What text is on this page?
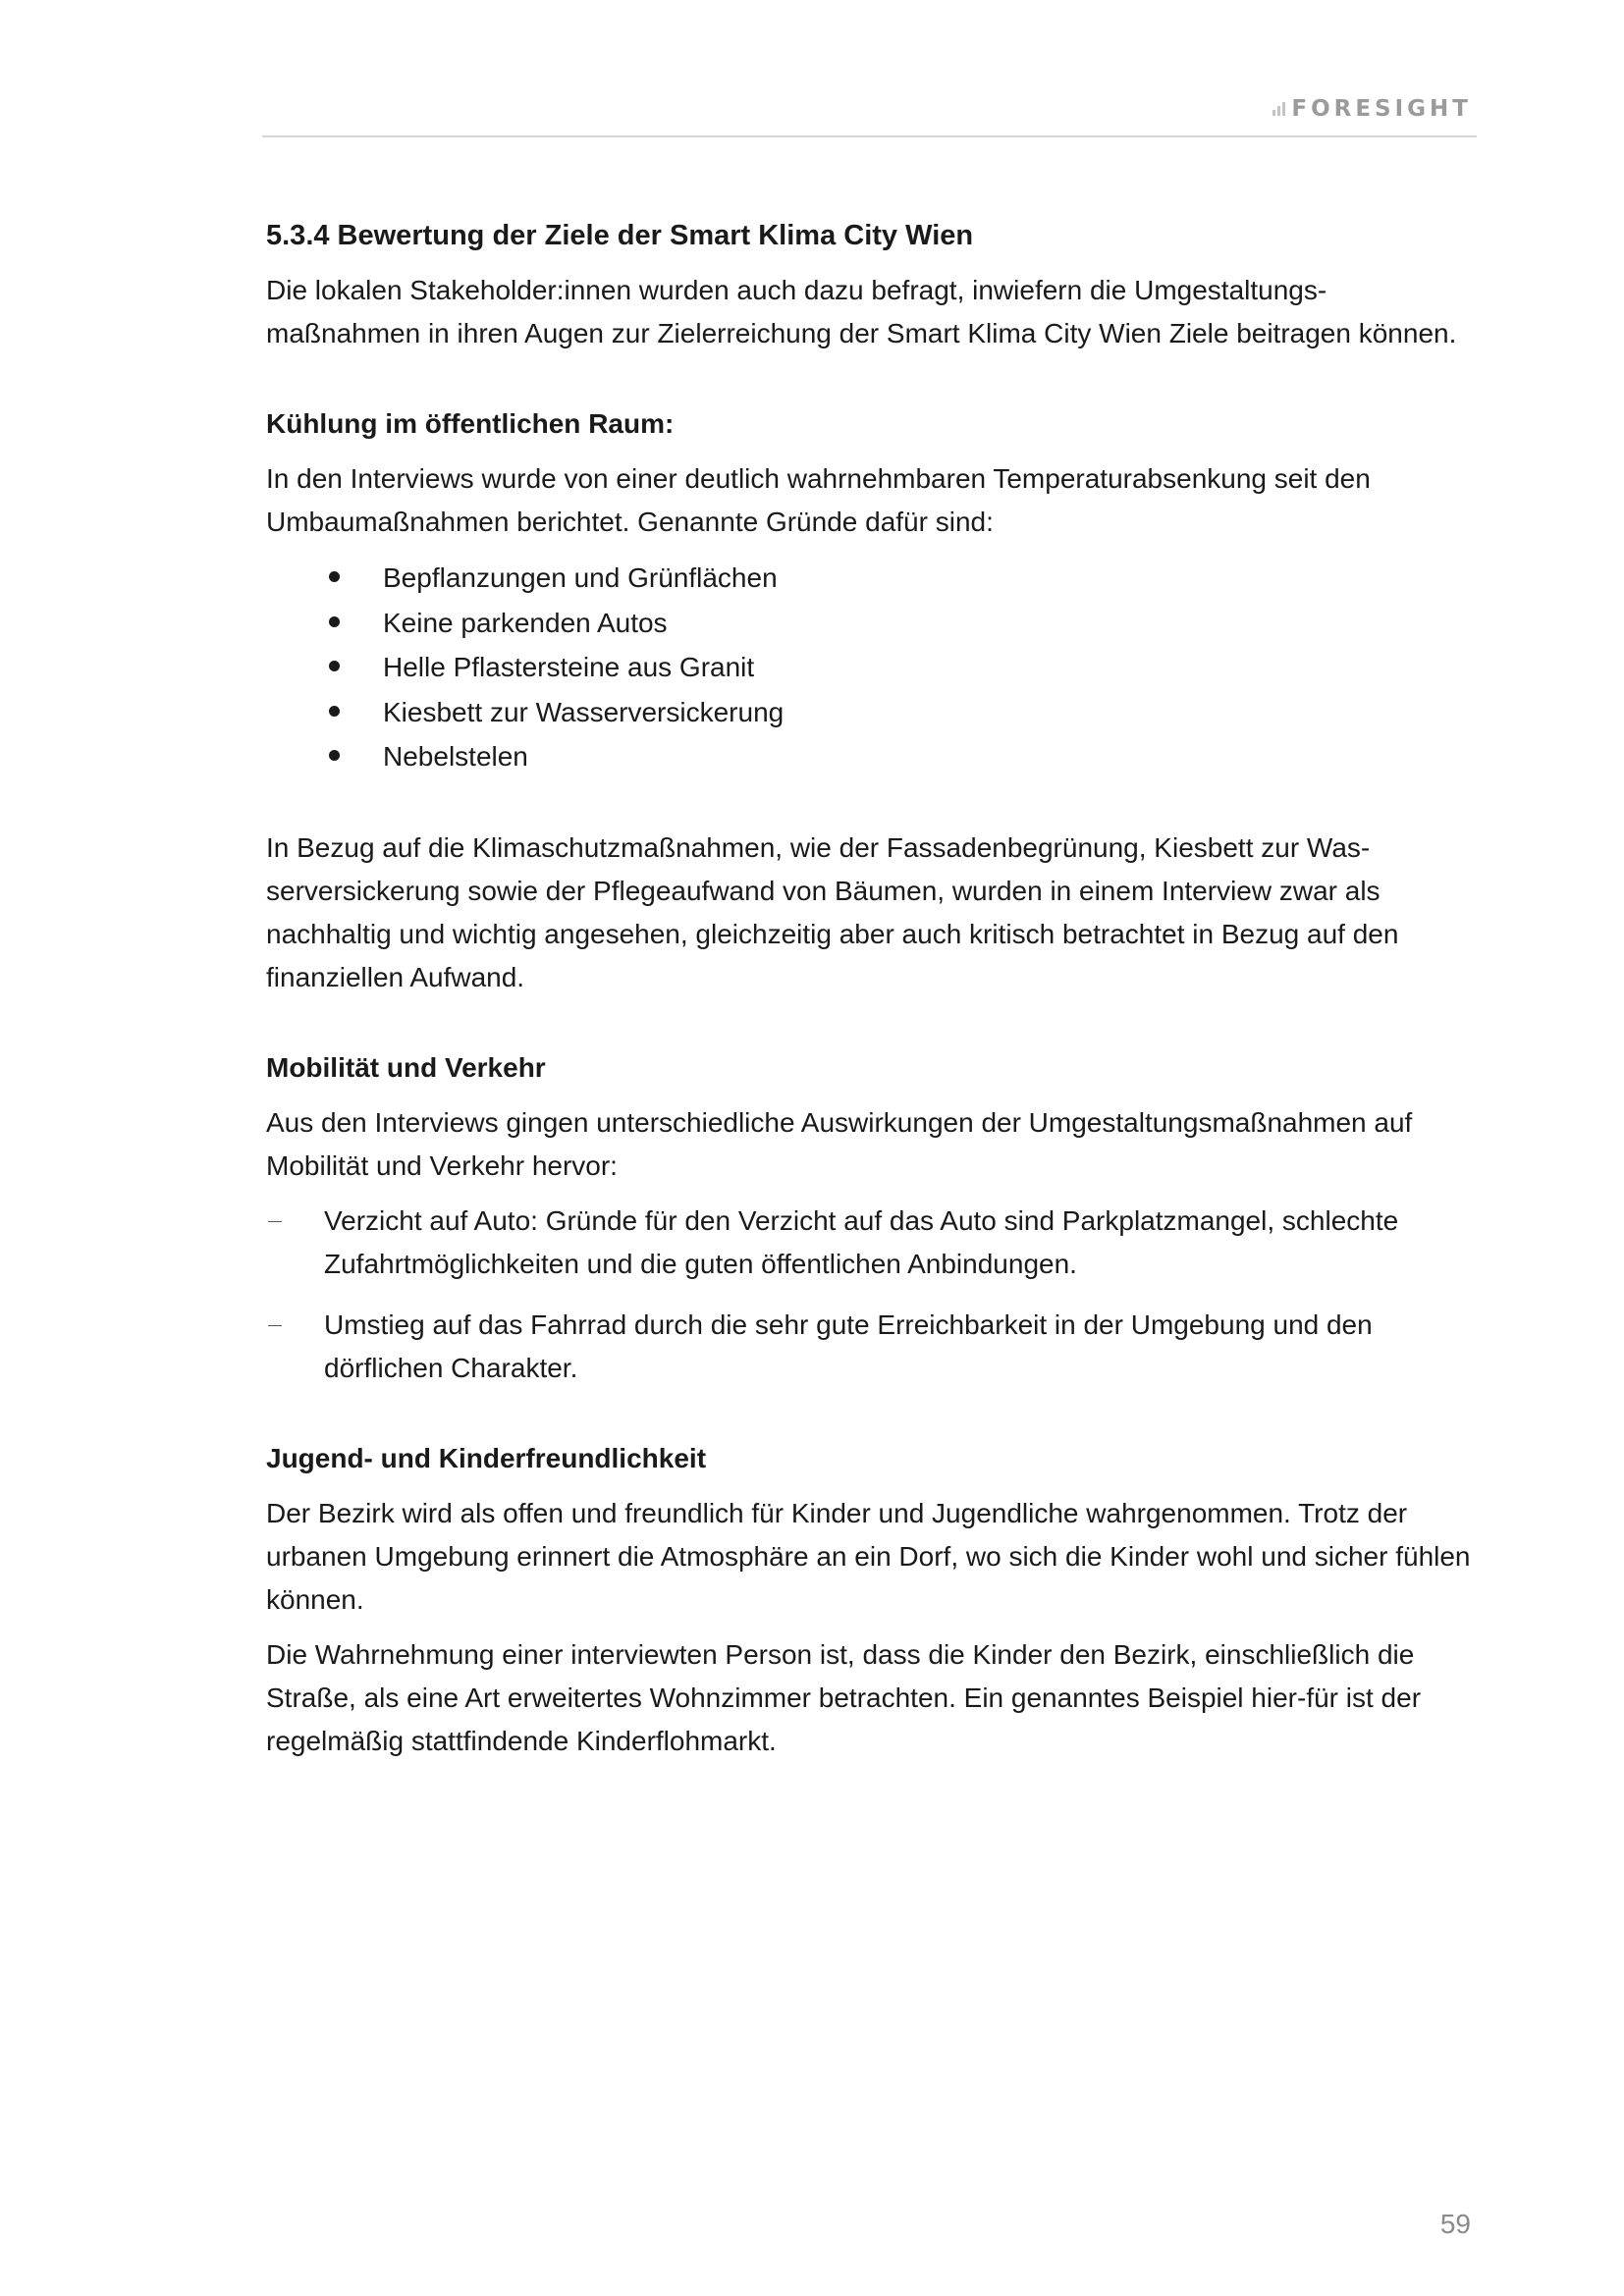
FORESIGHT
5.3.4 Bewertung der Ziele der Smart Klima City Wien

Die lokalen Stakeholder:innen wurden auch dazu befragt, inwiefern die Umgestaltungs-maßnahmen in ihren Augen zur Zielerreichung der Smart Klima City Wien Ziele beitragen können.

Kühlung im öffentlichen Raum:

In den Interviews wurde von einer deutlich wahrnehmbaren Temperaturabsenkung seit den Umbaumaßnahmen berichtet. Genannte Gründe dafür sind:

Bepflanzungen und Grünflächen
Keine parkenden Autos
Helle Pflastersteine aus Granit
Kiesbett zur Wasserversickerung
Nebelstelen

In Bezug auf die Klimaschutzmaßnahmen, wie der Fassadenbegrünung, Kiesbett zur Was-serversickerung sowie der Pflegeaufwand von Bäumen, wurden in einem Interview zwar als nachhaltig und wichtig angesehen, gleichzeitig aber auch kritisch betrachtet in Bezug auf den finanziellen Aufwand.

Mobilität und Verkehr

Aus den Interviews gingen unterschiedliche Auswirkungen der Umgestaltungsmaßnahmen auf Mobilität und Verkehr hervor:

Verzicht auf Auto: Gründe für den Verzicht auf das Auto sind Parkplatzmangel, schlechte Zufahrtmöglichkeiten und die guten öffentlichen Anbindungen.
Umstieg auf das Fahrrad durch die sehr gute Erreichbarkeit in der Umgebung und den dörflichen Charakter.
Jugend- und Kinderfreundlichkeit

Der Bezirk wird als offen und freundlich für Kinder und Jugendliche wahrgenommen. Trotz der urbanen Umgebung erinnert die Atmosphäre an ein Dorf, wo sich die Kinder wohl und sicher fühlen können.

Die Wahrnehmung einer interviewten Person ist, dass die Kinder den Bezirk, einschließlich die Straße, als eine Art erweitertes Wohnzimmer betrachten. Ein genanntes Beispiel hier-für ist der regelmäßig stattfindende Kinderflohmarkt.

59
